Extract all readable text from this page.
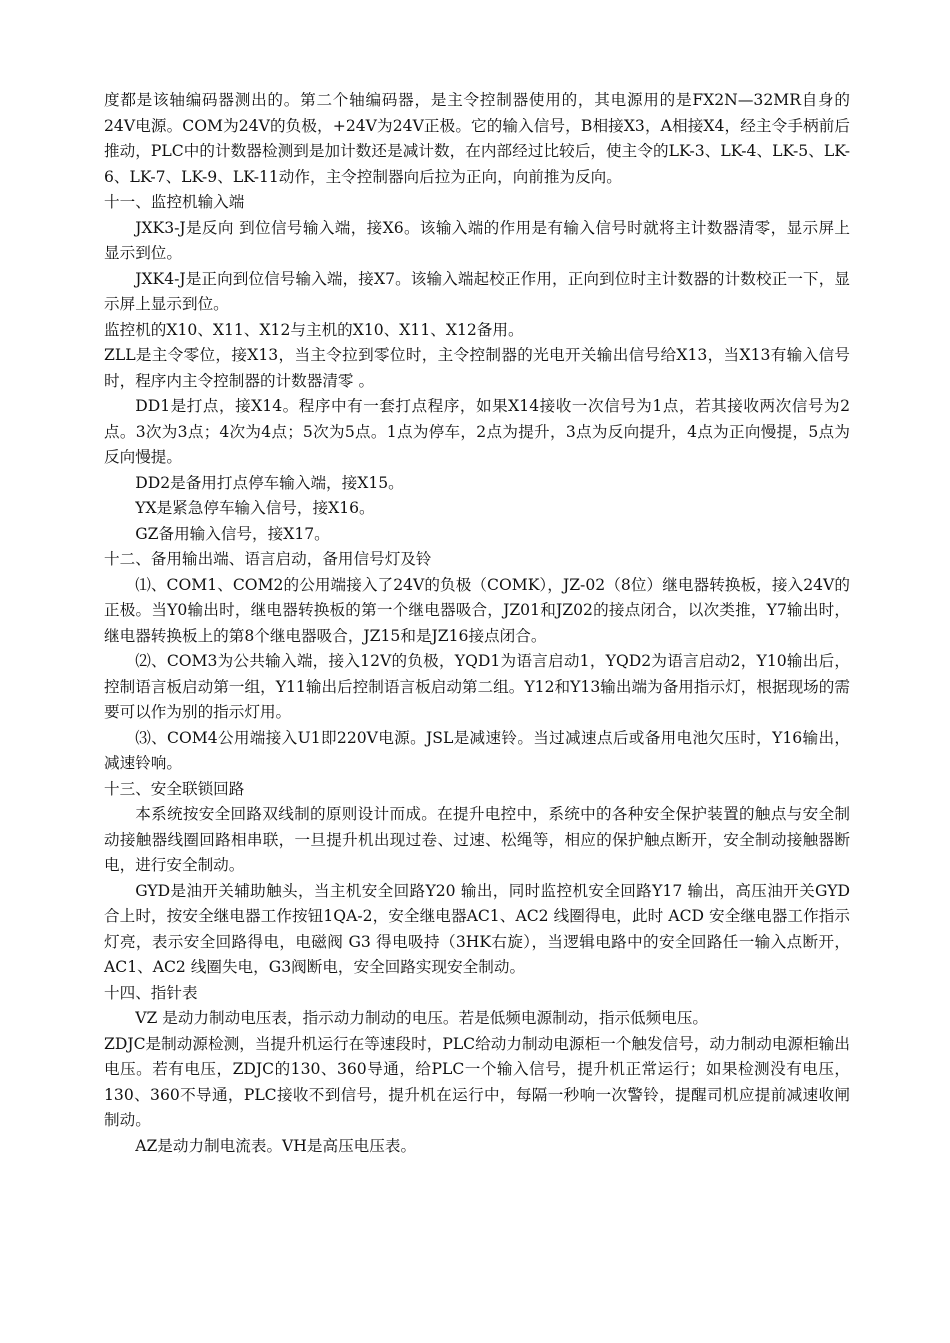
度都是该轴编码器测出的。第二个轴编码器，是主令控制器使用的，其电源用的是FX2N—32MR自身的24V电源。COM为24V的负极，+24V为24V正极。它的输入信号，B相接X3，A相接X4，经主令手柄前后推动，PLC中的计数器检测到是加计数还是减计数，在内部经过比较后，使主令的LK-3、LK-4、LK-5、LK-6、LK-7、LK-9、LK-11动作，主令控制器向后拉为正向，向前推为反向。

十一、监控机输入端

JXK3-J是反向 到位信号输入端，接X6。该输入端的作用是有输入信号时就将主计数器清零，显示屏上显示到位。

JXK4-J是正向到位信号输入端，接X7。该输入端起校正作用，正向到位时主计数器的计数校正一下，显示屏上显示到位。

监控机的X10、X11、X12与主机的X10、X11、X12备用。

ZLL是主令零位，接X13，当主令拉到零位时，主令控制器的光电开关输出信号给X13，当X13有输入信号时，程序内主令控制器的计数器清零 。

DD1是打点，接X14。程序中有一套打点程序，如果X14接收一次信号为1点，若其接收两次信号为2点。3次为3点；4次为4点；5次为5点。1点为停车，2点为提升，3点为反向提升，4点为正向慢提，5点为反向慢提。

DD2是备用打点停车输入端，接X15。

YX是紧急停车输入信号，接X16。

GZ备用输入信号，接X17。

十二、备用输出端、语言启动，备用信号灯及铃

⑴、COM1、COM2的公用端接入了24V的负极（COMK），JZ-02（8位）继电器转换板，接入24V的正极。当Y0输出时，继电器转换板的第一个继电器吸合，JZ01和JZ02的接点闭合，以次类推，Y7输出时，继电器转换板上的第8个继电器吸合，JZ15和是JZ16接点闭合。

⑵、COM3为公共输入端，接入12V的负极，YQD1为语言启动1，YQD2为语言启动2，Y10输出后，控制语言板启动第一组，Y11输出后控制语言板启动第二组。Y12和Y13输出端为备用指示灯，根据现场的需要可以作为别的指示灯用。

⑶、COM4公用端接入U1即220V电源。JSL是减速铃。当过减速点后或备用电池欠压时，Y16输出，减速铃响。

十三、安全联锁回路

本系统按安全回路双线制的原则设计而成。在提升电控中，系统中的各种安全保护装置的触点与安全制动接触器线圈回路相串联，一旦提升机出现过卷、过速、松绳等，相应的保护触点断开，安全制动接触器断电，进行安全制动。

GYD是油开关辅助触头，当主机安全回路Y20 输出，同时监控机安全回路Y17 输出，高压油开关GYD合上时，按安全继电器工作按钮1QA-2，安全继电器AC1、AC2 线圈得电，此时 ACD 安全继电器工作指示灯亮，表示安全回路得电，电磁阀 G3 得电吸持（3HK右旋），当逻辑电路中的安全回路任一输入点断开，AC1、AC2 线圈失电，G3阀断电，安全回路实现安全制动。

十四、指针表

VZ 是动力制动电压表，指示动力制动的电压。若是低频电源制动，指示低频电压。

ZDJC是制动源检测，当提升机运行在等速段时，PLC给动力制动电源柜一个触发信号，动力制动电源柜输出电压。若有电压，ZDJC的130、360导通，给PLC一个输入信号，提升机正常运行；如果检测没有电压，130、360不导通，PLC接收不到信号，提升机在运行中，每隔一秒响一次警铃，提醒司机应提前减速收闸制动。

AZ是动力制电流表。VH是高压电压表。
